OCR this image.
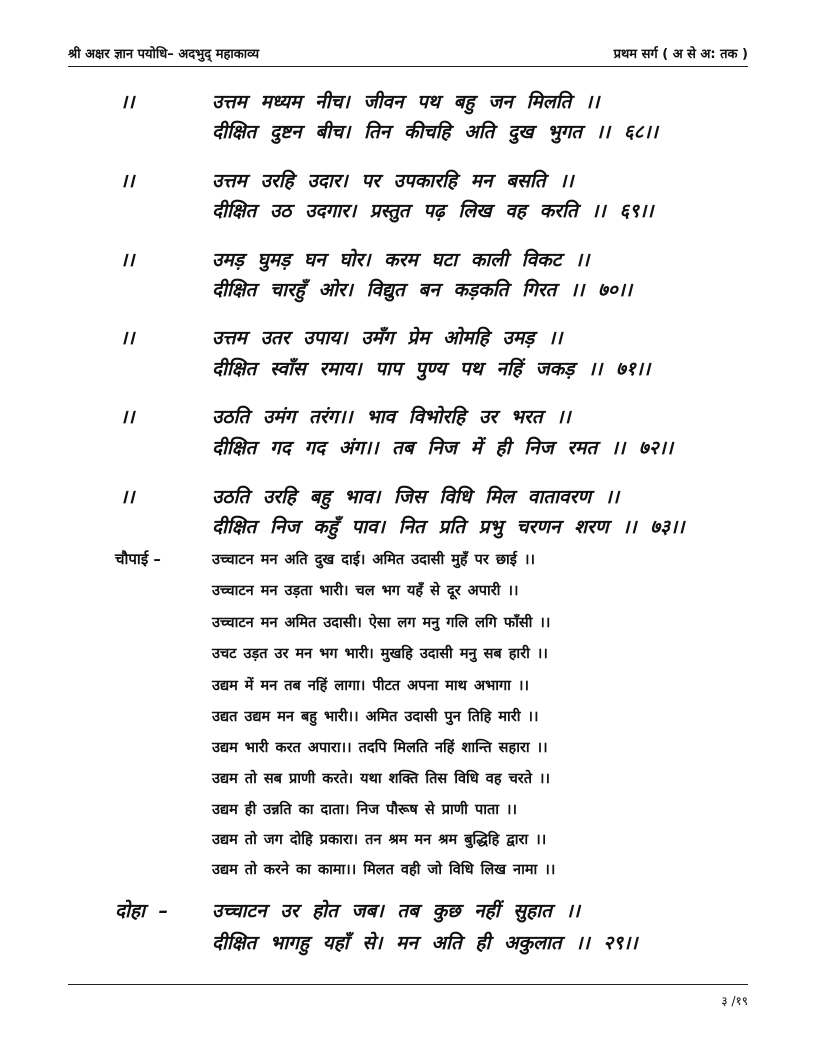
श्री अक्षर ज्ञान पयोधि– अदभुद् महाकाव्य	प्रथम सर्ग ( अ से अ: तक )
।।	उत्तम मध्यम नीच। जीवन पथ बहु जन मिलति ।।
दीक्षित दुष्टन बीच। तिन कीचहि अति दुख भुगत ।। ६८।।
।।	उत्तम उरहि उदार। पर उपकारहि मन बसति ।।
दीक्षित उठ उदगार। प्रस्तुत पढ़ लिख वह करति ।। ६९।।
।।	उमड़ घुमड़ घन घोर। करम घटा काली विकट ।।
दीक्षित चारहुँ ओर। विद्युत बन कड़कति गिरत ।। ७०।।
।।	उत्तम उतर उपाय। उमँग प्रेम ओमहि उमड़ ।।
दीक्षित स्वाँस रमाय। पाप पुण्य पथ नहिं जकड़ ।। ७१।।
।।	उठति उमंग तरंग।। भाव विभोरहि उर भरत ।।
दीक्षित गद गद अंग।। तब निज में ही निज रमत ।। ७२।।
।।	उठति उरहि बहु भाव। जिस विधि मिल वातावरण ।।
दीक्षित निज कहुँ पाव। नित प्रति प्रभु चरणन शरण ।। ७३।।
चौपाई –	उच्चाटन मन अति दुख दाई। अमित उदासी मुहँ पर छाई ।।
उच्चाटन मन उड़ता भारी। चल भग यहँ से दूर अपारी ।।
उच्चाटन मन अमित उदासी। ऐसा लग मनु गलि लगि फाँसी ।।
उचट उड़त उर मन भग भारी। मुखहि उदासी मनु सब हारी ।।
उद्यम में मन तब नहिं लागा। पीटत अपना माथ अभागा ।।
उद्यत उद्यम मन बहु भारी।। अमित उदासी पुन तिहि मारी ।।
उद्यम भारी करत अपारा।। तदपि मिलति नहिं शान्ति सहारा ।।
उद्यम तो सब प्राणी करते। यथा शक्ति तिस विधि वह चरते ।।
उद्यम ही उन्नति का दाता। निज पौरूष से प्राणी पाता ।।
उद्यम तो जग दोहि प्रकारा। तन श्रम मन श्रम बुद्धिहि द्वारा ।।
उद्यम तो करने का कामा।। मिलत वही जो विधि लिख नामा ।।
दोहा – उच्चाटन उर होत जब। तब कुछ नहीं सुहात ।।
दीक्षित भागहु यहाँ से। मन अति ही अकुलात ।। २९।।
३ /१९
